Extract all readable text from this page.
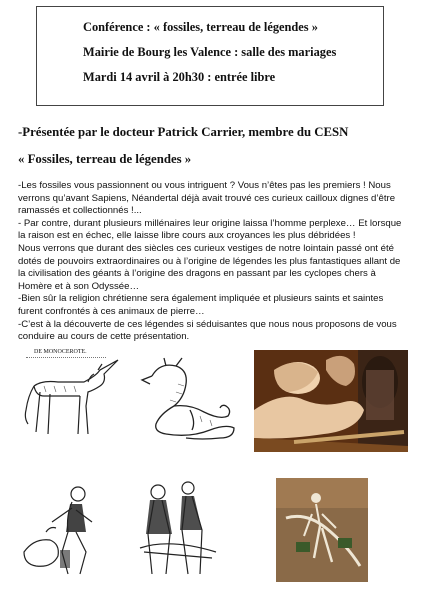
Conférence : « fossiles, terreau de légendes »
Mairie de Bourg les Valence : salle des mariages
Mardi 14 avril à 20h30 : entrée libre
-Présentée par le docteur Patrick Carrier, membre du CESN
« Fossiles, terreau de légendes »

-Les fossiles vous passionnent ou vous intriguent ? Vous n’êtes pas les premiers ! Nous verrons qu’avant Sapiens, Néandertal déjà avait trouvé ces curieux cailloux dignes d’être ramassés et collectionnés !...

- Par contre, durant plusieurs millénaires leur origine laissa l’homme perplexe… Et lorsque la raison est en échec, elle laisse libre cours aux croyances les plus débridées !

Nous verrons que durant des siècles ces curieux vestiges de notre lointain passé ont été dotés de pouvoirs extraordinaires ou à l’origine de légendes les plus fantastiques allant de la civilisation des géants à l’origine des dragons en passant par les cyclopes chers à Homère et à son Odyssée…

-Bien sûr la religion chrétienne sera également impliquée et plusieurs saints et saintes furent confrontés à ces animaux de pierre…

-C’est à la découverte de ces légendes si séduisantes que nous nous proposons de vous conduire au cours de cette présentation.

DE MONOCEROTE.
